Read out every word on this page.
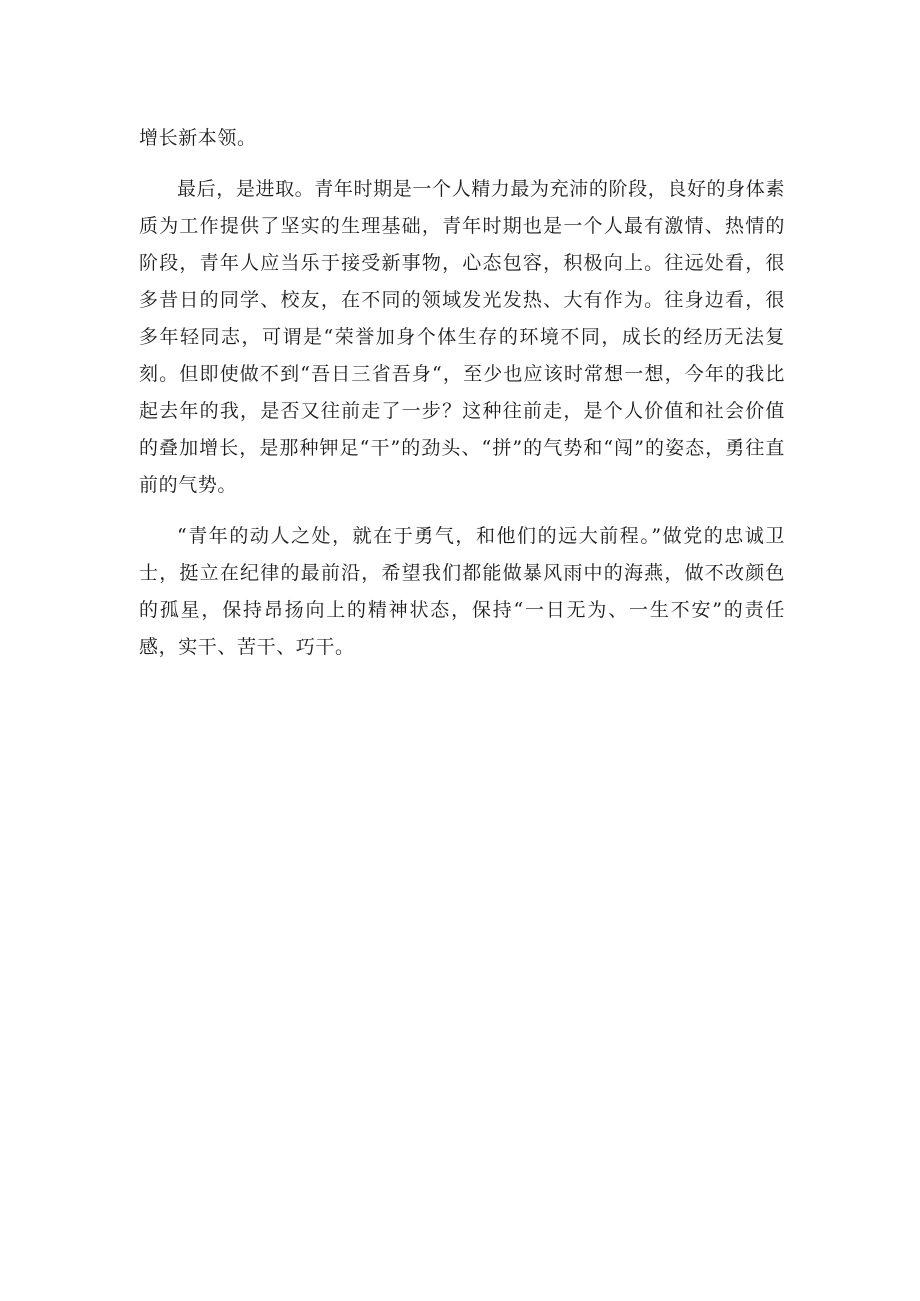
增长新本领。

最后，是进取。青年时期是一个人精力最为充沛的阶段，良好的身体素质为工作提供了坚实的生理基础，青年时期也是一个人最有激情、热情的阶段，青年人应当乐于接受新事物，心态包容，积极向上。往远处看，很多昔日的同学、校友，在不同的领域发光发热、大有作为。往身边看，很多年轻同志，可谓是“荣誉加身个体生存的环境不同，成长的经历无法复刻。但即使做不到“吾日三省吾身“，至少也应该时常想一想，今年的我比起去年的我，是否又往前走了一步？这种往前走，是个人价值和社会价值的叠加增长，是那种钾足“干”的劲头、“拼”的气势和“闯”的姿态，勇往直前的气势。

“青年的动人之处，就在于勇气，和他们的远大前程。”做党的忠诚卫士，挺立在纪律的最前沿，希望我们都能做暴风雨中的海燕，做不改颜色的孤星，保持昂扬向上的精神状态，保持“一日无为、一生不安”的责任感，实干、苦干、巧干。
